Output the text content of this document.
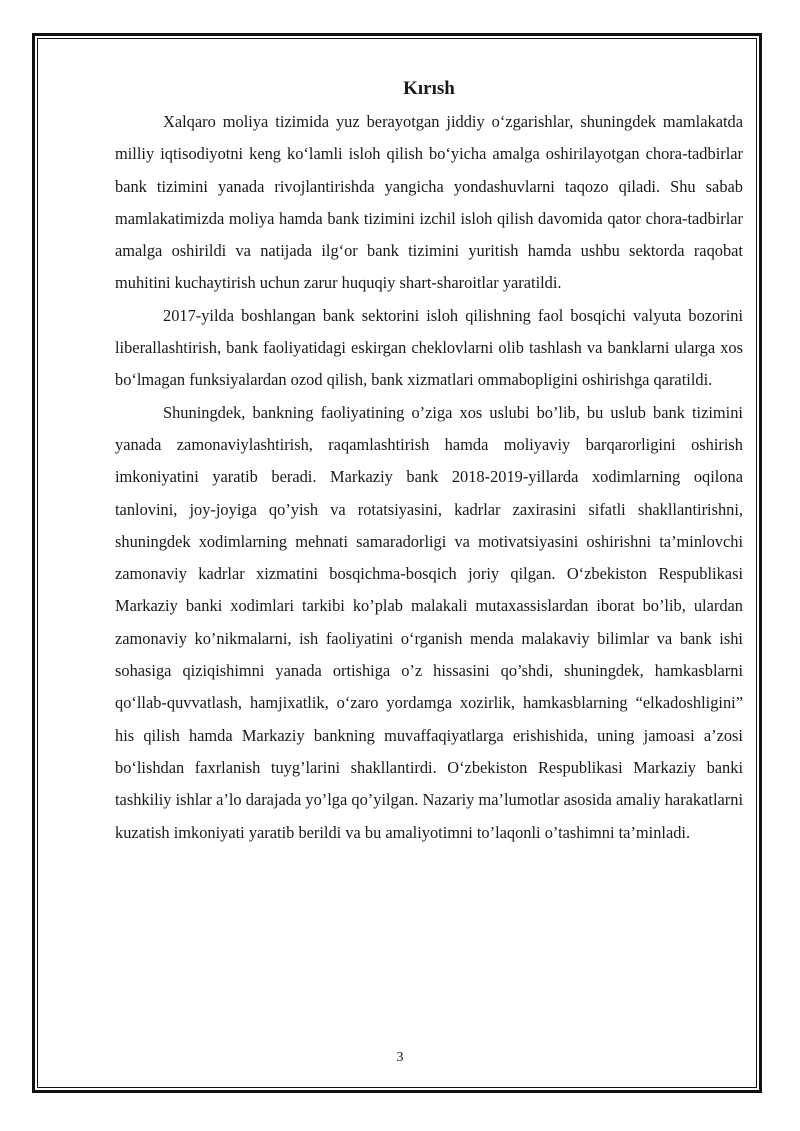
Kırısh

Xalqaro moliya tizimida yuz berayotgan jiddiy o‘zgarishlar, shuningdek mamlakatda milliy iqtisodiyotni keng ko‘lamli isloh qilish bo‘yicha amalga oshirilayotgan chora-tadbirlar bank tizimini yanada rivojlantirishda yangicha yondashuvlarni taqozo qiladi. Shu sabab mamlakatimizda moliya hamda bank tizimini izchil isloh qilish davomida qator chora-tadbirlar amalga oshirildi va natijada ilg‘or bank tizimini yuritish hamda ushbu sektorda raqobat muhitini kuchaytirish uchun zarur huquqiy shart-sharoitlar yaratildi.

2017-yilda boshlangan bank sektorini isloh qilishning faol bosqichi valyuta bozorini liberallashtirish, bank faoliyatidagi eskirgan cheklovlarni olib tashlash va banklarni ularga xos bo‘lmagan funksiyalardan ozod qilish, bank xizmatlari ommabopligini oshirishga qaratildi.

Shuningdek, bankning faoliyatining o’ziga xos uslubi bo’lib, bu uslub bank tizimini yanada zamonaviylashtirish, raqamlashtirish hamda moliyaviy barqarorligini oshirish imkoniyatini yaratib beradi. Markaziy bank 2018-2019-yillarda xodimlarning oqilona tanlovini, joy-joyiga qo’yish va rotatsiyasini, kadrlar zaxirasini sifatli shakllantirishni, shuningdek xodimlarning mehnati samaradorligi va motivatsiyasini oshirishni ta’minlovchi zamonaviy kadrlar xizmatini bosqichma-bosqich joriy qilgan. O‘zbekiston Respublikasi Markaziy banki xodimlari tarkibi ko’plab malakali mutaxassislardan iborat bo’lib, ulardan zamonaviy ko’nikmalarni, ish faoliyatini o‘rganish menda malakaviy bilimlar va bank ishi sohasiga qiziqishimni yanada ortishiga o’z hissasini qo’shdi, shuningdek, hamkasblarni qo‘llab-quvvatlash, hamjixatlik, o‘zaro yordamga xozirlik, hamkasblarning “elkadoshligini” his qilish hamda Markaziy bankning muvaffaqiyatlarga erishishida, uning jamoasi a’zosi bo‘lishdan faxrlanish tuyg’larini shakllantirdi. O‘zbekiston Respublikasi Markaziy banki tashkiliy ishlar a’lo darajada yo’lga qo’yilgan. Nazariy ma’lumotlar asosida amaliy harakatlarni kuzatish imkoniyati yaratib berildi va bu amaliyotimni to’laqonli o’tashimni ta’minladi.

3
